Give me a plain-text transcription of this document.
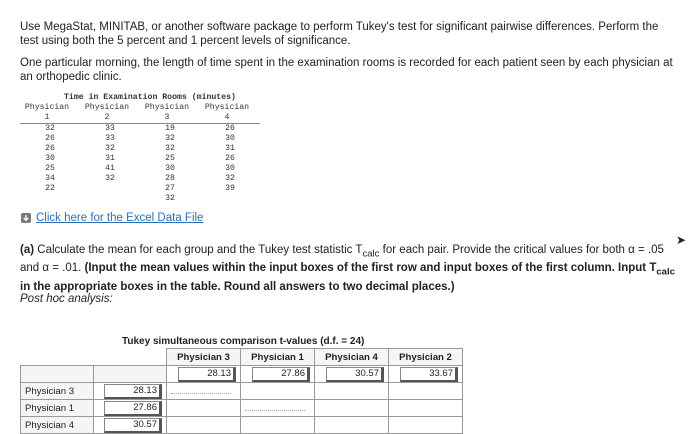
Use MegaStat, MINITAB, or another software package to perform Tukey's test for significant pairwise differences. Perform the test using both the 5 percent and 1 percent levels of significance.
One particular morning, the length of time spent in the examination rooms is recorded for each patient seen by each physician at an orthopedic clinic.
Time in Examination Rooms (minutes)			
Physician 1	Physician 2	Physician 3	Physician 4
32	33	19	26
26	33	32	30
26	32	32	31
30	31	25	26
25	41	30	30
34	32	28	32
22		27	39
		32	
Click here for the Excel Data File
➤
(a) Calculate the mean for each group and the Tukey test statistic $T_{calc}$ for each pair. Provide the critical values for both α = .05 and α = .01. (Input the mean values within the input boxes of the first row and input boxes of the first column. Input $T_{calc}$ in the appropriate boxes in the table. Round all answers to two decimal places.)
Post hoc analysis:
Tukey simultaneous comparison t-values (d.f. = 24)
		Physician 3	Physician 1	Physician 4	Physician 2
		28.13	27.86	30.57	33.67
Physician 3	28.13				
Physician 1	27.86				
Physician 4	30.57				
